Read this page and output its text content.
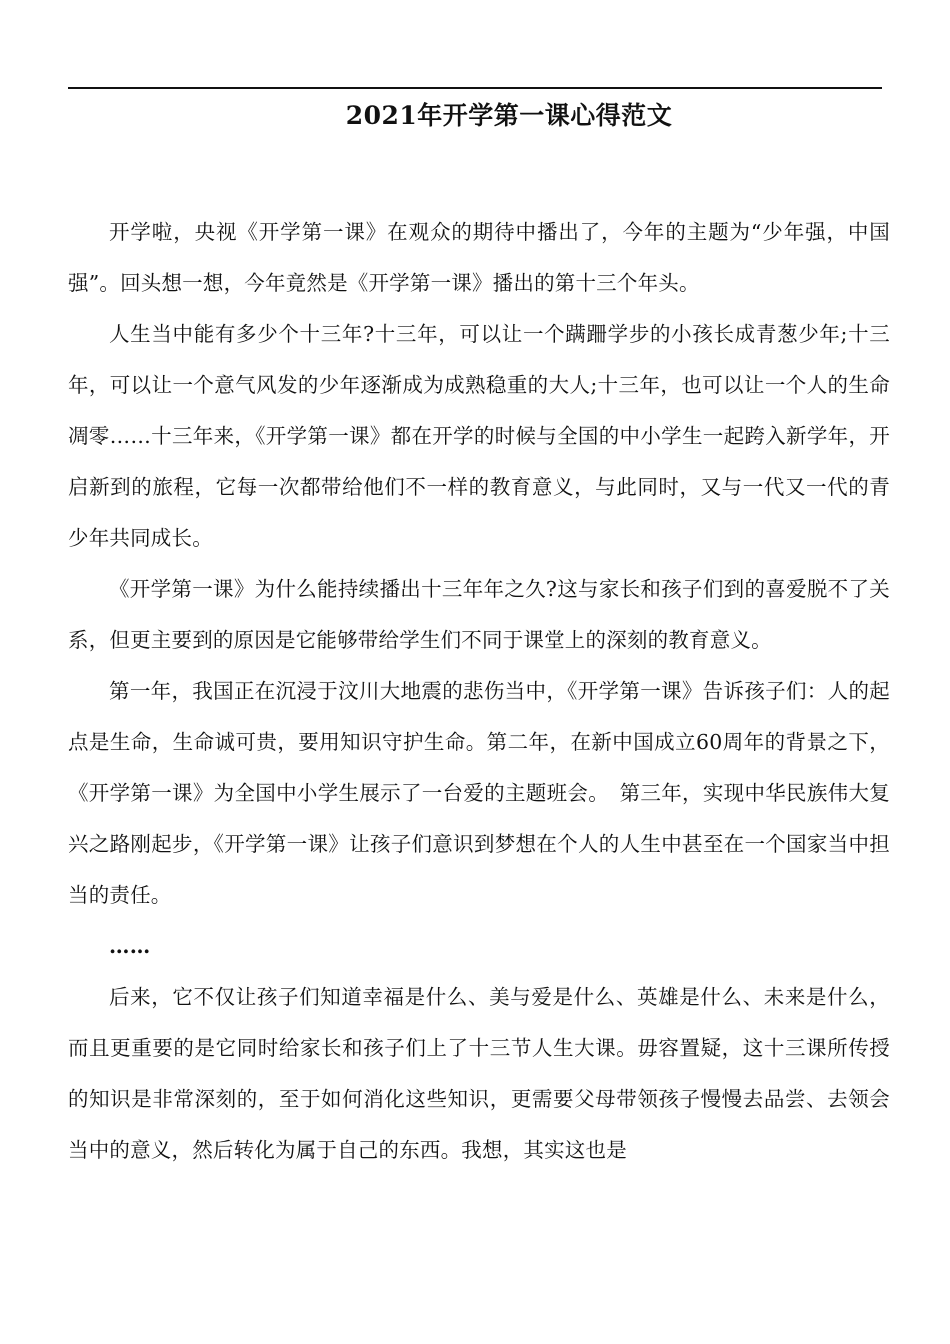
2021年开学第一课心得范文

开学啦，央视《开学第一课》在观众的期待中播出了，今年的主题为“少年强，中国强”。回头想一想，今年竟然是《开学第一课》播出的第十三个年头。

人生当中能有多少个十三年?十三年，可以让一个蹒跚学步的小孩长成青葱少年;十三年，可以让一个意气风发的少年逐渐成为成熟稳重的大人;十三年，也可以让一个人的生命凋零……十三年来，《开学第一课》都在开学的时候与全国的中小学生一起跨入新学年，开启新到的旅程，它每一次都带给他们不一样的教育意义，与此同时，又与一代又一代的青少年共同成长。

《开学第一课》为什么能持续播出十三年年之久?这与家长和孩子们到的喜爱脱不了关系，但更主要到的原因是它能够带给学生们不同于课堂上的深刻的教育意义。

第一年，我国正在沉浸于汶川大地震的悲伤当中，《开学第一课》告诉孩子们：人的起点是生命，生命诚可贵，要用知识守护生命。第二年，在新中国成立60周年的背景之下，《开学第一课》为全国中小学生展示了一台爱的主题班会。　第三年，实现中华民族伟大复兴之路刚起步，《开学第一课》让孩子们意识到梦想在个人的人生中甚至在一个国家当中担当的责任。

……

后来，它不仅让孩子们知道幸福是什么、美与爱是什么、英雄是什么、未来是什么，而且更重要的是它同时给家长和孩子们上了十三节人生大课。毋容置疑，这十三课所传授的知识是非常深刻的，至于如何消化这些知识，更需要父母带领孩子慢慢去品尝、去领会当中的意义，然后转化为属于自己的东西。我想，其实这也是
